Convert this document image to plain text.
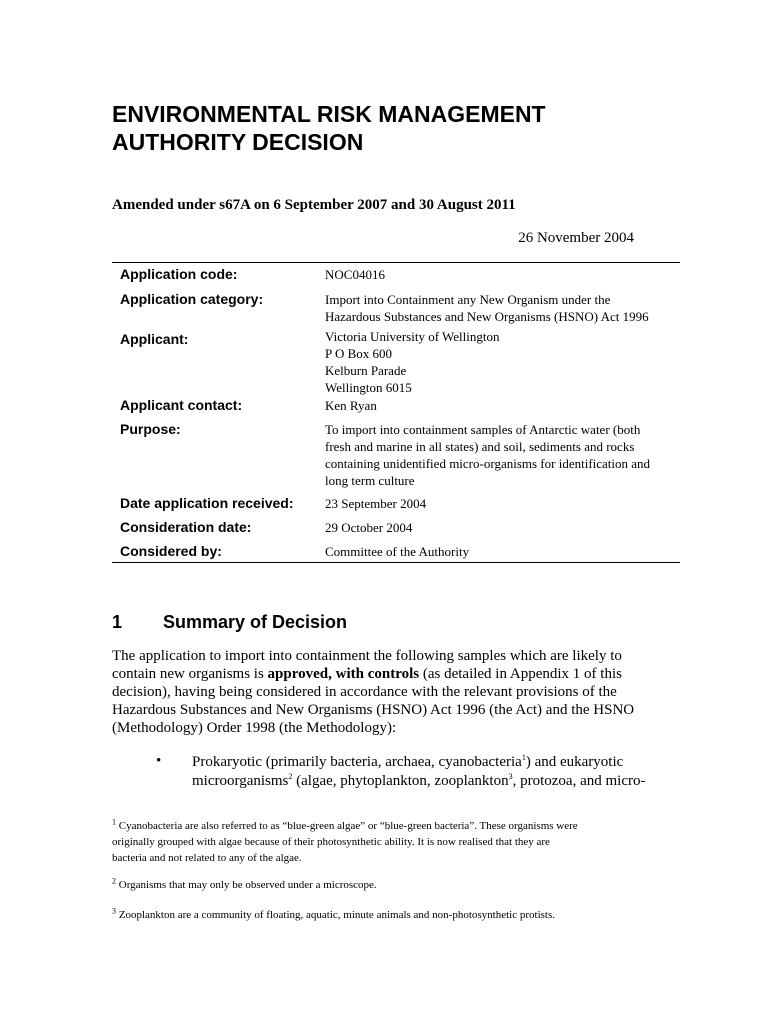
ENVIRONMENTAL RISK MANAGEMENT
AUTHORITY DECISION
Amended under s67A on 6 September 2007 and 30 August 2011
26 November 2004
Application code:	NOC04016
Application category:	Import into Containment any New Organism under the
Hazardous Substances and New Organisms (HSNO) Act 1996
Applicant:	Victoria University of Wellington
P O Box 600
Kelburn Parade
Wellington 6015
Applicant contact:	Ken Ryan
Purpose:	To import into containment samples of Antarctic water (both
fresh and marine in all states) and soil, sediments and rocks
containing unidentified micro-organisms for identification and
long term culture
Date application received: 23 September 2004
Consideration date:	29 October 2004
Considered by:	Committee of the Authority
1 Summary of Decision
The application to import into containment the following samples which are likely to
contain new organisms is approved, with controls (as detailed in Appendix 1 of this
decision), having being considered in accordance with the relevant provisions of the
Hazardous Substances and New Organisms (HSNO) Act 1996 (the Act) and the HSNO
(Methodology) Order 1998 (the Methodology):
• Prokaryotic (primarily bacteria, archaea, cyanobacteria$^1$) and eukaryotic
microorganisms$^2$ (algae, phytoplankton, zooplankton$^3$, protozoa, and micro-
$^1$ Cyanobacteria are also referred to as “blue-green algae” or “blue-green bacteria”. These organisms were
originally grouped with algae because of their photosynthetic ability. It is now realised that they are
bacteria and not related to any of the algae.
$^2$ Organisms that may only be observed under a microscope.
$^3$ Zooplankton are a community of floating, aquatic, minute animals and non-photosynthetic protists.
